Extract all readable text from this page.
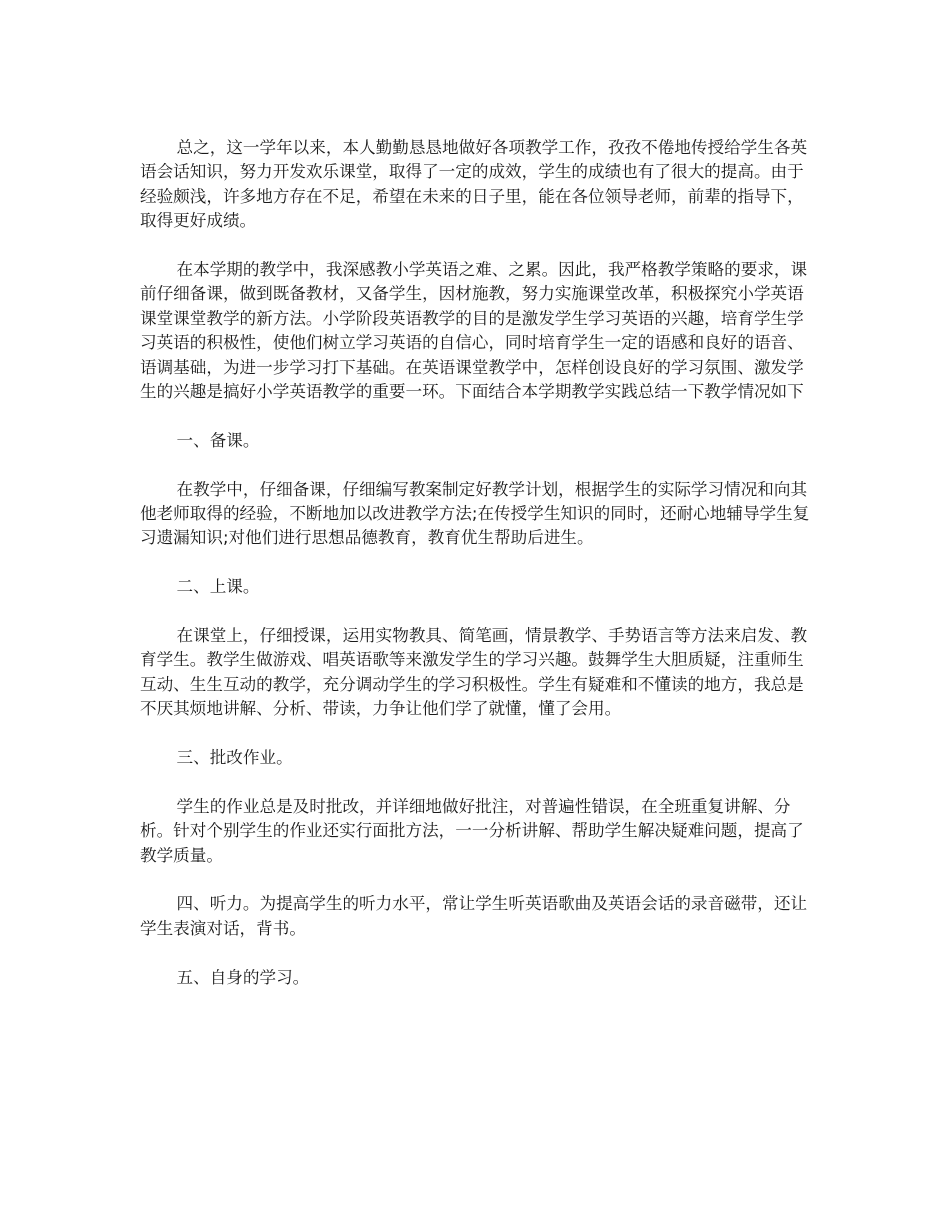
总之，这一学年以来，本人勤勤恳恳地做好各项教学工作，孜孜不倦地传授给学生各英语会话知识，努力开发欢乐课堂，取得了一定的成效，学生的成绩也有了很大的提高。由于经验颇浅，许多地方存在不足，希望在未来的日子里，能在各位领导老师，前辈的指导下，取得更好成绩。

在本学期的教学中，我深感教小学英语之难、之累。因此，我严格教学策略的要求，课前仔细备课，做到既备教材，又备学生，因材施教，努力实施课堂改革，积极探究小学英语课堂课堂教学的新方法。小学阶段英语教学的目的是激发学生学习英语的兴趣，培育学生学习英语的积极性，使他们树立学习英语的自信心，同时培育学生一定的语感和良好的语音、语调基础，为进一步学习打下基础。在英语课堂教学中，怎样创设良好的学习氛围、激发学生的兴趣是搞好小学英语教学的重要一环。下面结合本学期教学实践总结一下教学情况如下

一、备课。

在教学中，仔细备课，仔细编写教案制定好教学计划，根据学生的实际学习情况和向其他老师取得的经验，不断地加以改进教学方法;在传授学生知识的同时，还耐心地辅导学生复习遗漏知识;对他们进行思想品德教育，教育优生帮助后进生。

二、上课。

在课堂上，仔细授课，运用实物教具、简笔画，情景教学、手势语言等方法来启发、教育学生。教学生做游戏、唱英语歌等来激发学生的学习兴趣。鼓舞学生大胆质疑，注重师生互动、生生互动的教学，充分调动学生的学习积极性。学生有疑难和不懂读的地方，我总是不厌其烦地讲解、分析、带读，力争让他们学了就懂，懂了会用。

三、批改作业。

学生的作业总是及时批改，并详细地做好批注，对普遍性错误，在全班重复讲解、分析。针对个别学生的作业还实行面批方法，一一分析讲解、帮助学生解决疑难问题，提高了教学质量。

四、听力。为提高学生的听力水平，常让学生听英语歌曲及英语会话的录音磁带，还让学生表演对话，背书。

五、自身的学习。
